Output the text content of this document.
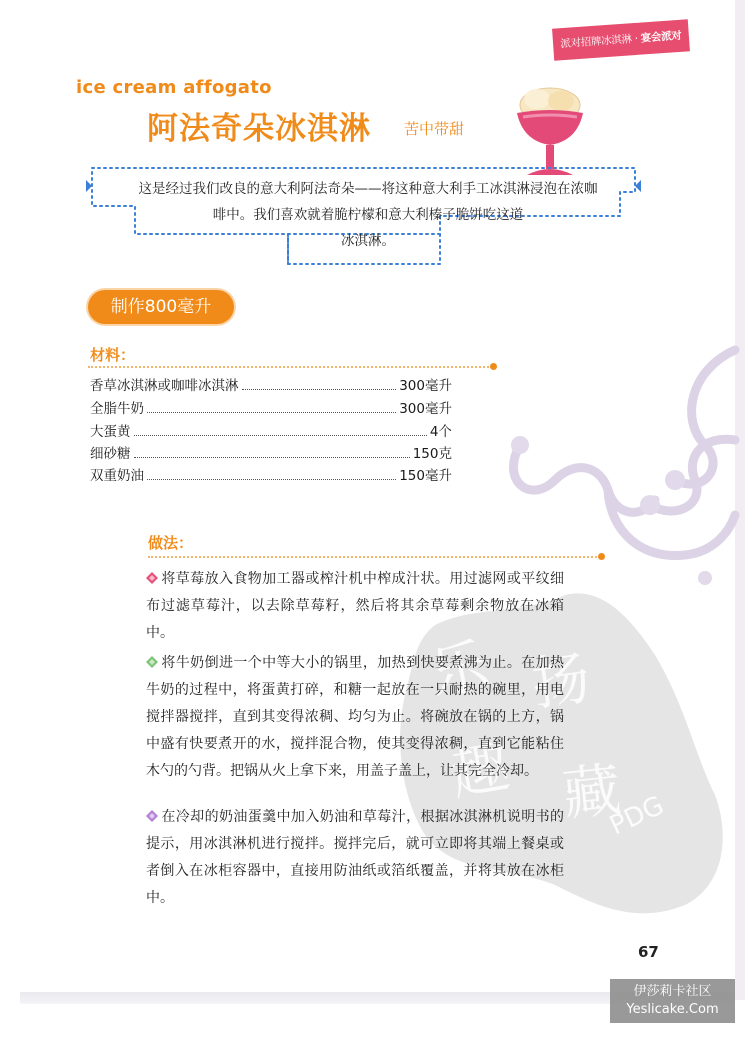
乐 扬
趣 藏
PDG
派对招牌冰淇淋 · 宴会派对
ice cream affogato
阿法奇朵冰淇淋 苦中带甜
这是经过我们改良的意大利阿法奇朵——将这种意大利手工冰淇淋浸泡在浓咖
啡中。我们喜欢就着脆柠檬和意大利榛子脆饼吃这道
冰淇淋。
制作800毫升
材料：
香草冰淇淋或咖啡冰淇淋	300毫升
全脂牛奶	300毫升
大蛋黄	4个
细砂糖	150克
双重奶油	150毫升
做法：
将草莓放入食物加工器或榨汁机中榨成汁状。用过滤网或平纹细布过滤草莓汁，以去除草莓籽，然后将其余草莓剩余物放在冰箱中。
将牛奶倒进一个中等大小的锅里，加热到快要煮沸为止。在加热牛奶的过程中，将蛋黄打碎，和糖一起放在一只耐热的碗里，用电搅拌器搅拌，直到其变得浓稠、均匀为止。将碗放在锅的上方，锅中盛有快要煮开的水，搅拌混合物，使其变得浓稠，直到它能粘住木勺的勺背。把锅从火上拿下来，用盖子盖上，让其完全冷却。
在冷却的奶油蛋羹中加入奶油和草莓汁，根据冰淇淋机说明书的提示，用冰淇淋机进行搅拌。搅拌完后，就可立即将其端上餐桌或者倒入在冰柜容器中，直接用防油纸或箔纸覆盖，并将其放在冰柜中。
67
伊莎莉卡社区
Yeslicake.Com
